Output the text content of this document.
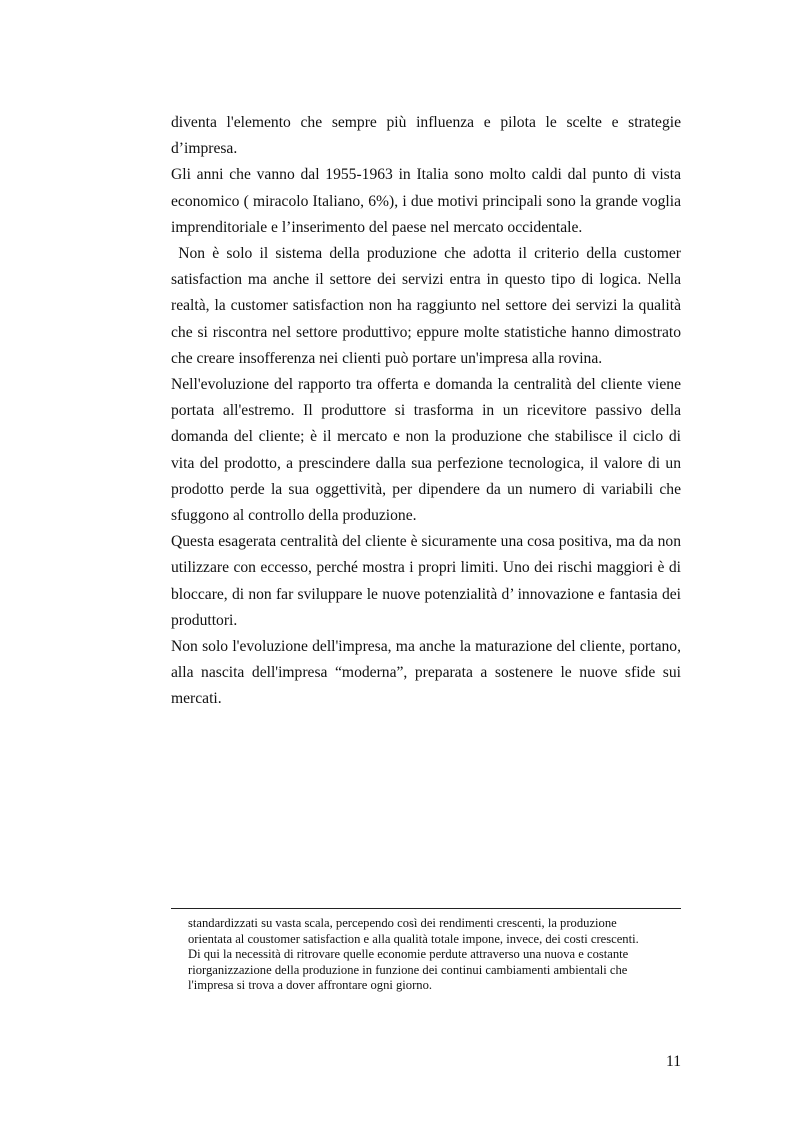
diventa l'elemento che sempre più influenza e pilota le scelte e strategie d’impresa.

Gli anni che vanno dal 1955-1963 in Italia sono molto caldi dal punto di vista economico ( miracolo Italiano, 6%), i due motivi principali sono la grande voglia imprenditoriale e l’inserimento del paese nel mercato occidentale.

Non è solo il sistema della produzione che adotta il criterio della customer satisfaction ma anche il settore dei servizi entra in questo tipo di logica. Nella realtà, la customer satisfaction non ha raggiunto nel settore dei servizi la qualità che si riscontra nel settore produttivo; eppure molte statistiche hanno dimostrato che creare insofferenza nei clienti può portare un'impresa alla rovina.

Nell'evoluzione del rapporto tra offerta e domanda la centralità del cliente viene portata all'estremo. Il produttore si trasforma in un ricevitore passivo della domanda del cliente; è il mercato e non la produzione che stabilisce il ciclo di vita del prodotto, a prescindere dalla sua perfezione tecnologica, il valore di un prodotto perde la sua oggettività, per dipendere da un numero di variabili che sfuggono al controllo della produzione.

Questa esagerata centralità del cliente è sicuramente una cosa positiva, ma da non utilizzare con eccesso, perché mostra i propri limiti. Uno dei rischi maggiori è di bloccare, di non far sviluppare le nuove potenzialità d’ innovazione e fantasia dei produttori.

Non solo l'evoluzione dell'impresa, ma anche la maturazione del cliente, portano, alla nascita dell'impresa “moderna”, preparata a sostenere le nuove sfide sui mercati.

standardizzati su vasta scala, percependo così dei rendimenti crescenti, la produzione

orientata al coustomer satisfaction e alla qualità totale impone, invece, dei costi crescenti.

Di qui la necessità di ritrovare quelle economie perdute attraverso una nuova e costante

riorganizzazione della produzione in funzione dei continui cambiamenti ambientali che

l'impresa si trova a dover affrontare ogni giorno.

11
